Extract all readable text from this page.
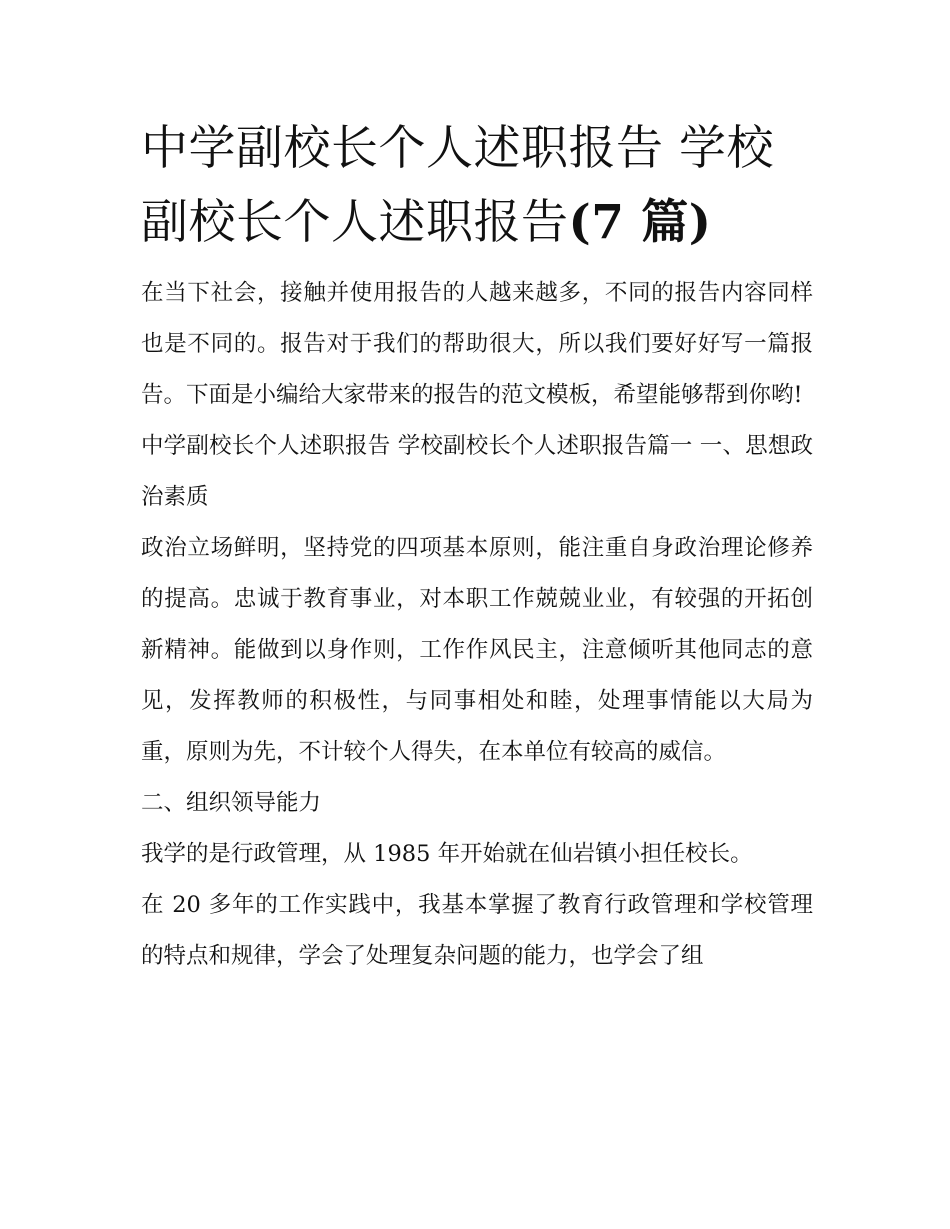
中学副校长个人述职报告 学校副校长个人述职报告(7 篇)

在当下社会，接触并使用报告的人越来越多，不同的报告内容同样也是不同的。报告对于我们的帮助很大，所以我们要好好写一篇报告。下面是小编给大家带来的报告的范文模板，希望能够帮到你哟!

中学副校长个人述职报告 学校副校长个人述职报告篇一 一、思想政治素质

政治立场鲜明，坚持党的四项基本原则，能注重自身政治理论修养的提高。忠诚于教育事业，对本职工作兢兢业业，有较强的开拓创新精神。能做到以身作则，工作作风民主，注意倾听其他同志的意见，发挥教师的积极性，与同事相处和睦，处理事情能以大局为重，原则为先，不计较个人得失，在本单位有较高的威信。

二、组织领导能力

我学的是行政管理，从 1985 年开始就在仙岩镇小担任校长。

在 20 多年的工作实践中，我基本掌握了教育行政管理和学校管理的特点和规律，学会了处理复杂问题的能力，也学会了组
